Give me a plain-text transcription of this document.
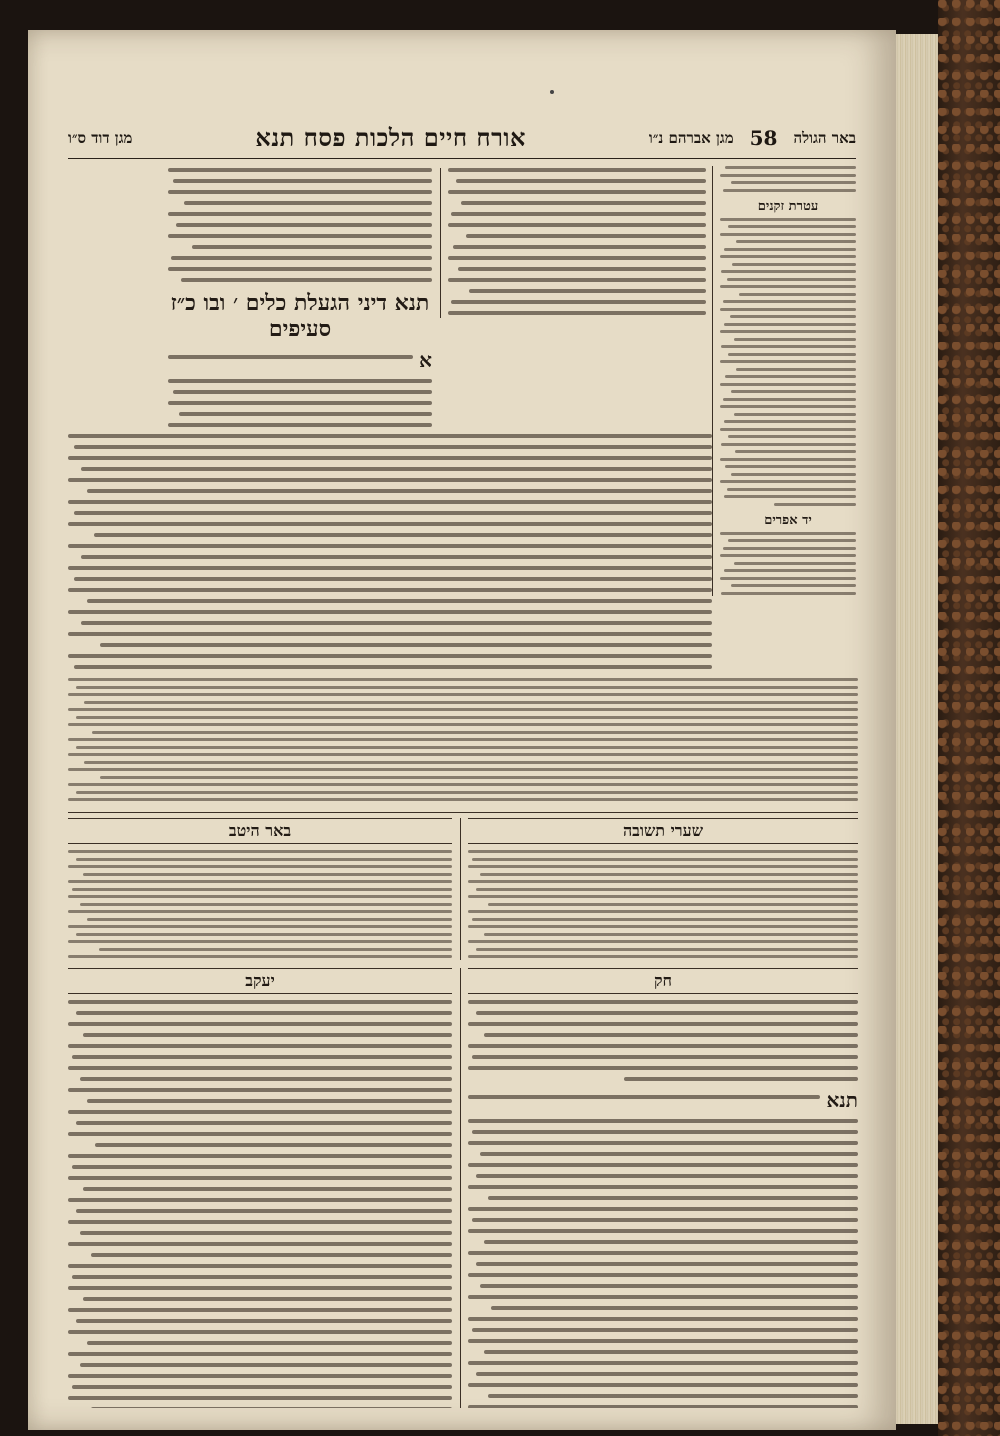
באר הגולה
58
מגן אברהם נ״ו
אורח חיים הלכות פסח תנא
מגן דוד ס״ו
עטרת זקנים
יד אפרים
תנא דיני הגעלת כלים ׳ ובו כ״ז סעיפים
א
באר היטב	שערי תשובה
יעקב	חק
תנא
